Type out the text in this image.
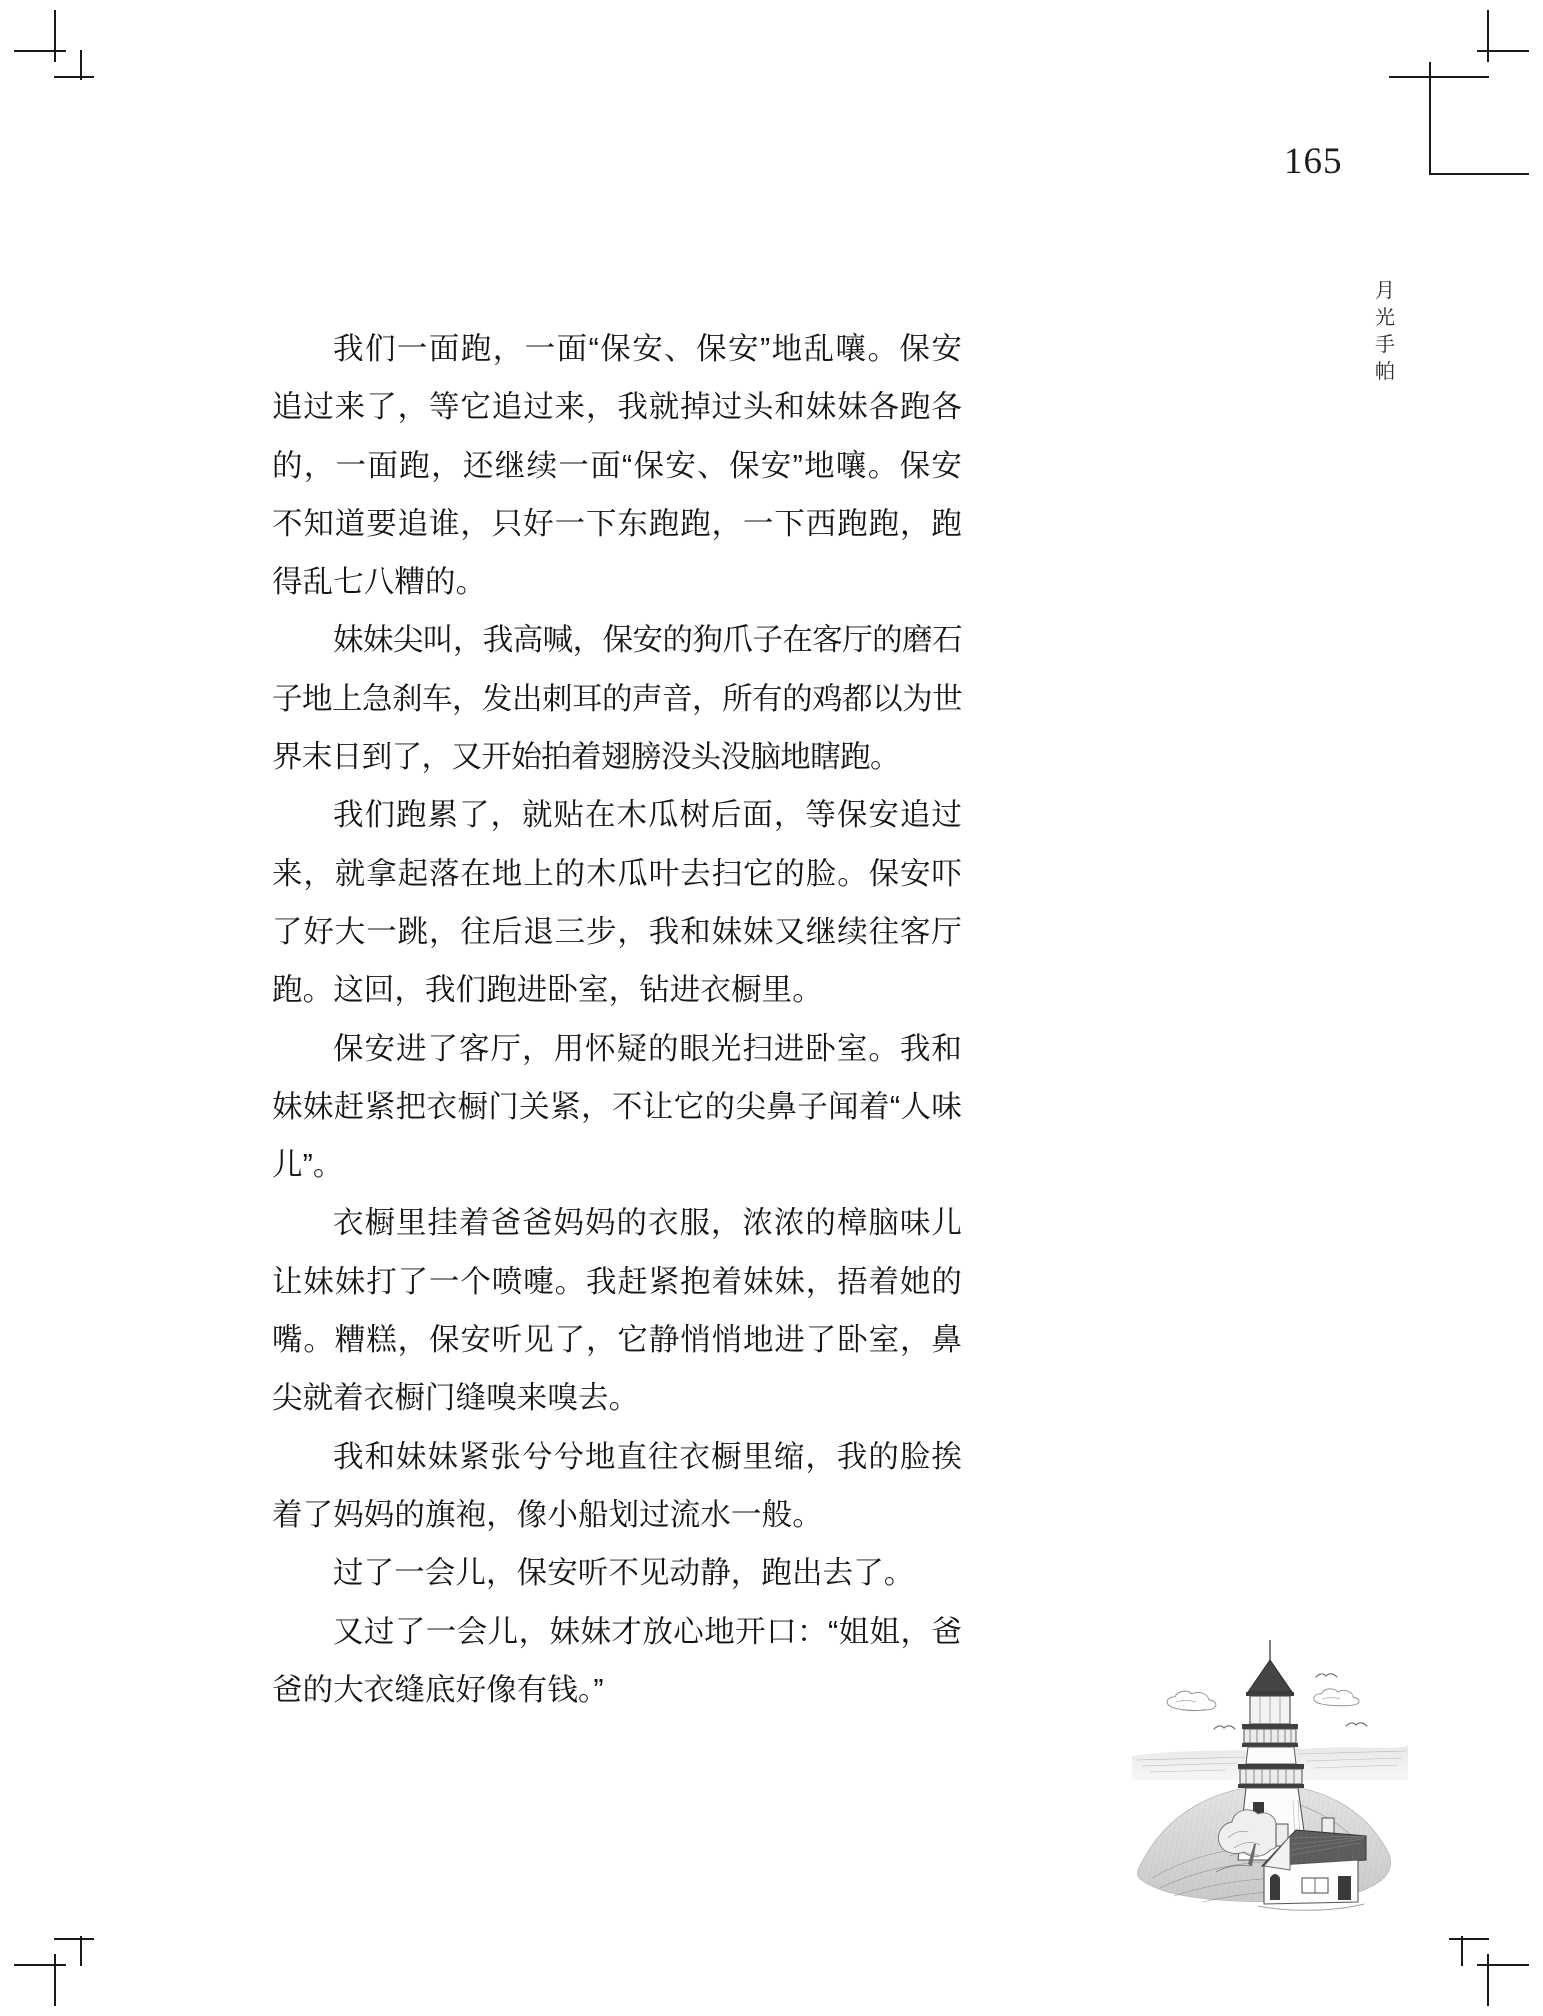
165
月
光
手
帕

我们一面跑，一面“保安、保安”地乱嚷。保安追过来了，等它追过来，我就掉过头和妹妹各跑各的，一面跑，还继续一面“保安、保安”地嚷。保安不知道要追谁，只好一下东跑跑，一下西跑跑，跑得乱七八糟的。

妹妹尖叫，我高喊，保安的狗爪子在客厅的磨石子地上急刹车，发出刺耳的声音，所有的鸡都以为世界末日到了，又开始拍着翅膀没头没脑地瞎跑。

我们跑累了，就贴在木瓜树后面，等保安追过来，就拿起落在地上的木瓜叶去扫它的脸。保安吓了好大一跳，往后退三步，我和妹妹又继续往客厅跑。这回，我们跑进卧室，钻进衣橱里。

保安进了客厅，用怀疑的眼光扫进卧室。我和妹妹赶紧把衣橱门关紧，不让它的尖鼻子闻着“人味儿”。

衣橱里挂着爸爸妈妈的衣服，浓浓的樟脑味儿让妹妹打了一个喷嚏。我赶紧抱着妹妹，捂着她的嘴。糟糕，保安听见了，它静悄悄地进了卧室，鼻尖就着衣橱门缝嗅来嗅去。

我和妹妹紧张兮兮地直往衣橱里缩，我的脸挨着了妈妈的旗袍，像小船划过流水一般。

过了一会儿，保安听不见动静，跑出去了。

又过了一会儿，妹妹才放心地开口：“姐姐，爸爸的大衣缝底好像有钱。”
